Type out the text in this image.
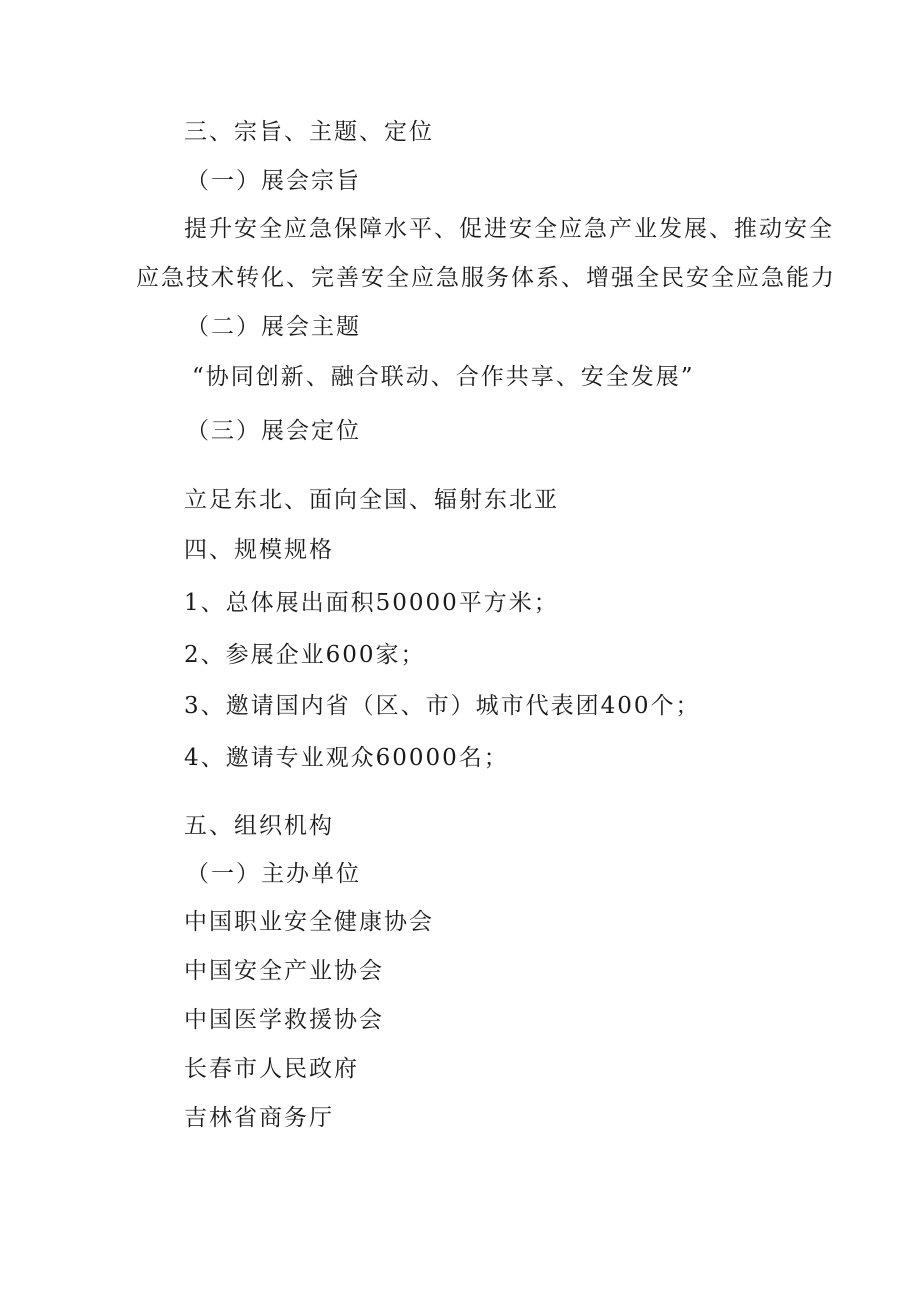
三、宗旨、主题、定位
（一）展会宗旨
提升安全应急保障水平、促进安全应急产业发展、推动安全
应急技术转化、完善安全应急服务体系、增强全民安全应急能力
（二）展会主题
“协同创新、融合联动、合作共享、安全发展”
（三）展会定位
立足东北、面向全国、辐射东北亚
四、规模规格
1、总体展出面积50000平方米；
2、参展企业600家；
3、邀请国内省（区、市）城市代表团400个；
4、邀请专业观众60000名；
五、组织机构
（一）主办单位
中国职业安全健康协会
中国安全产业协会
中国医学救援协会
长春市人民政府
吉林省商务厅
